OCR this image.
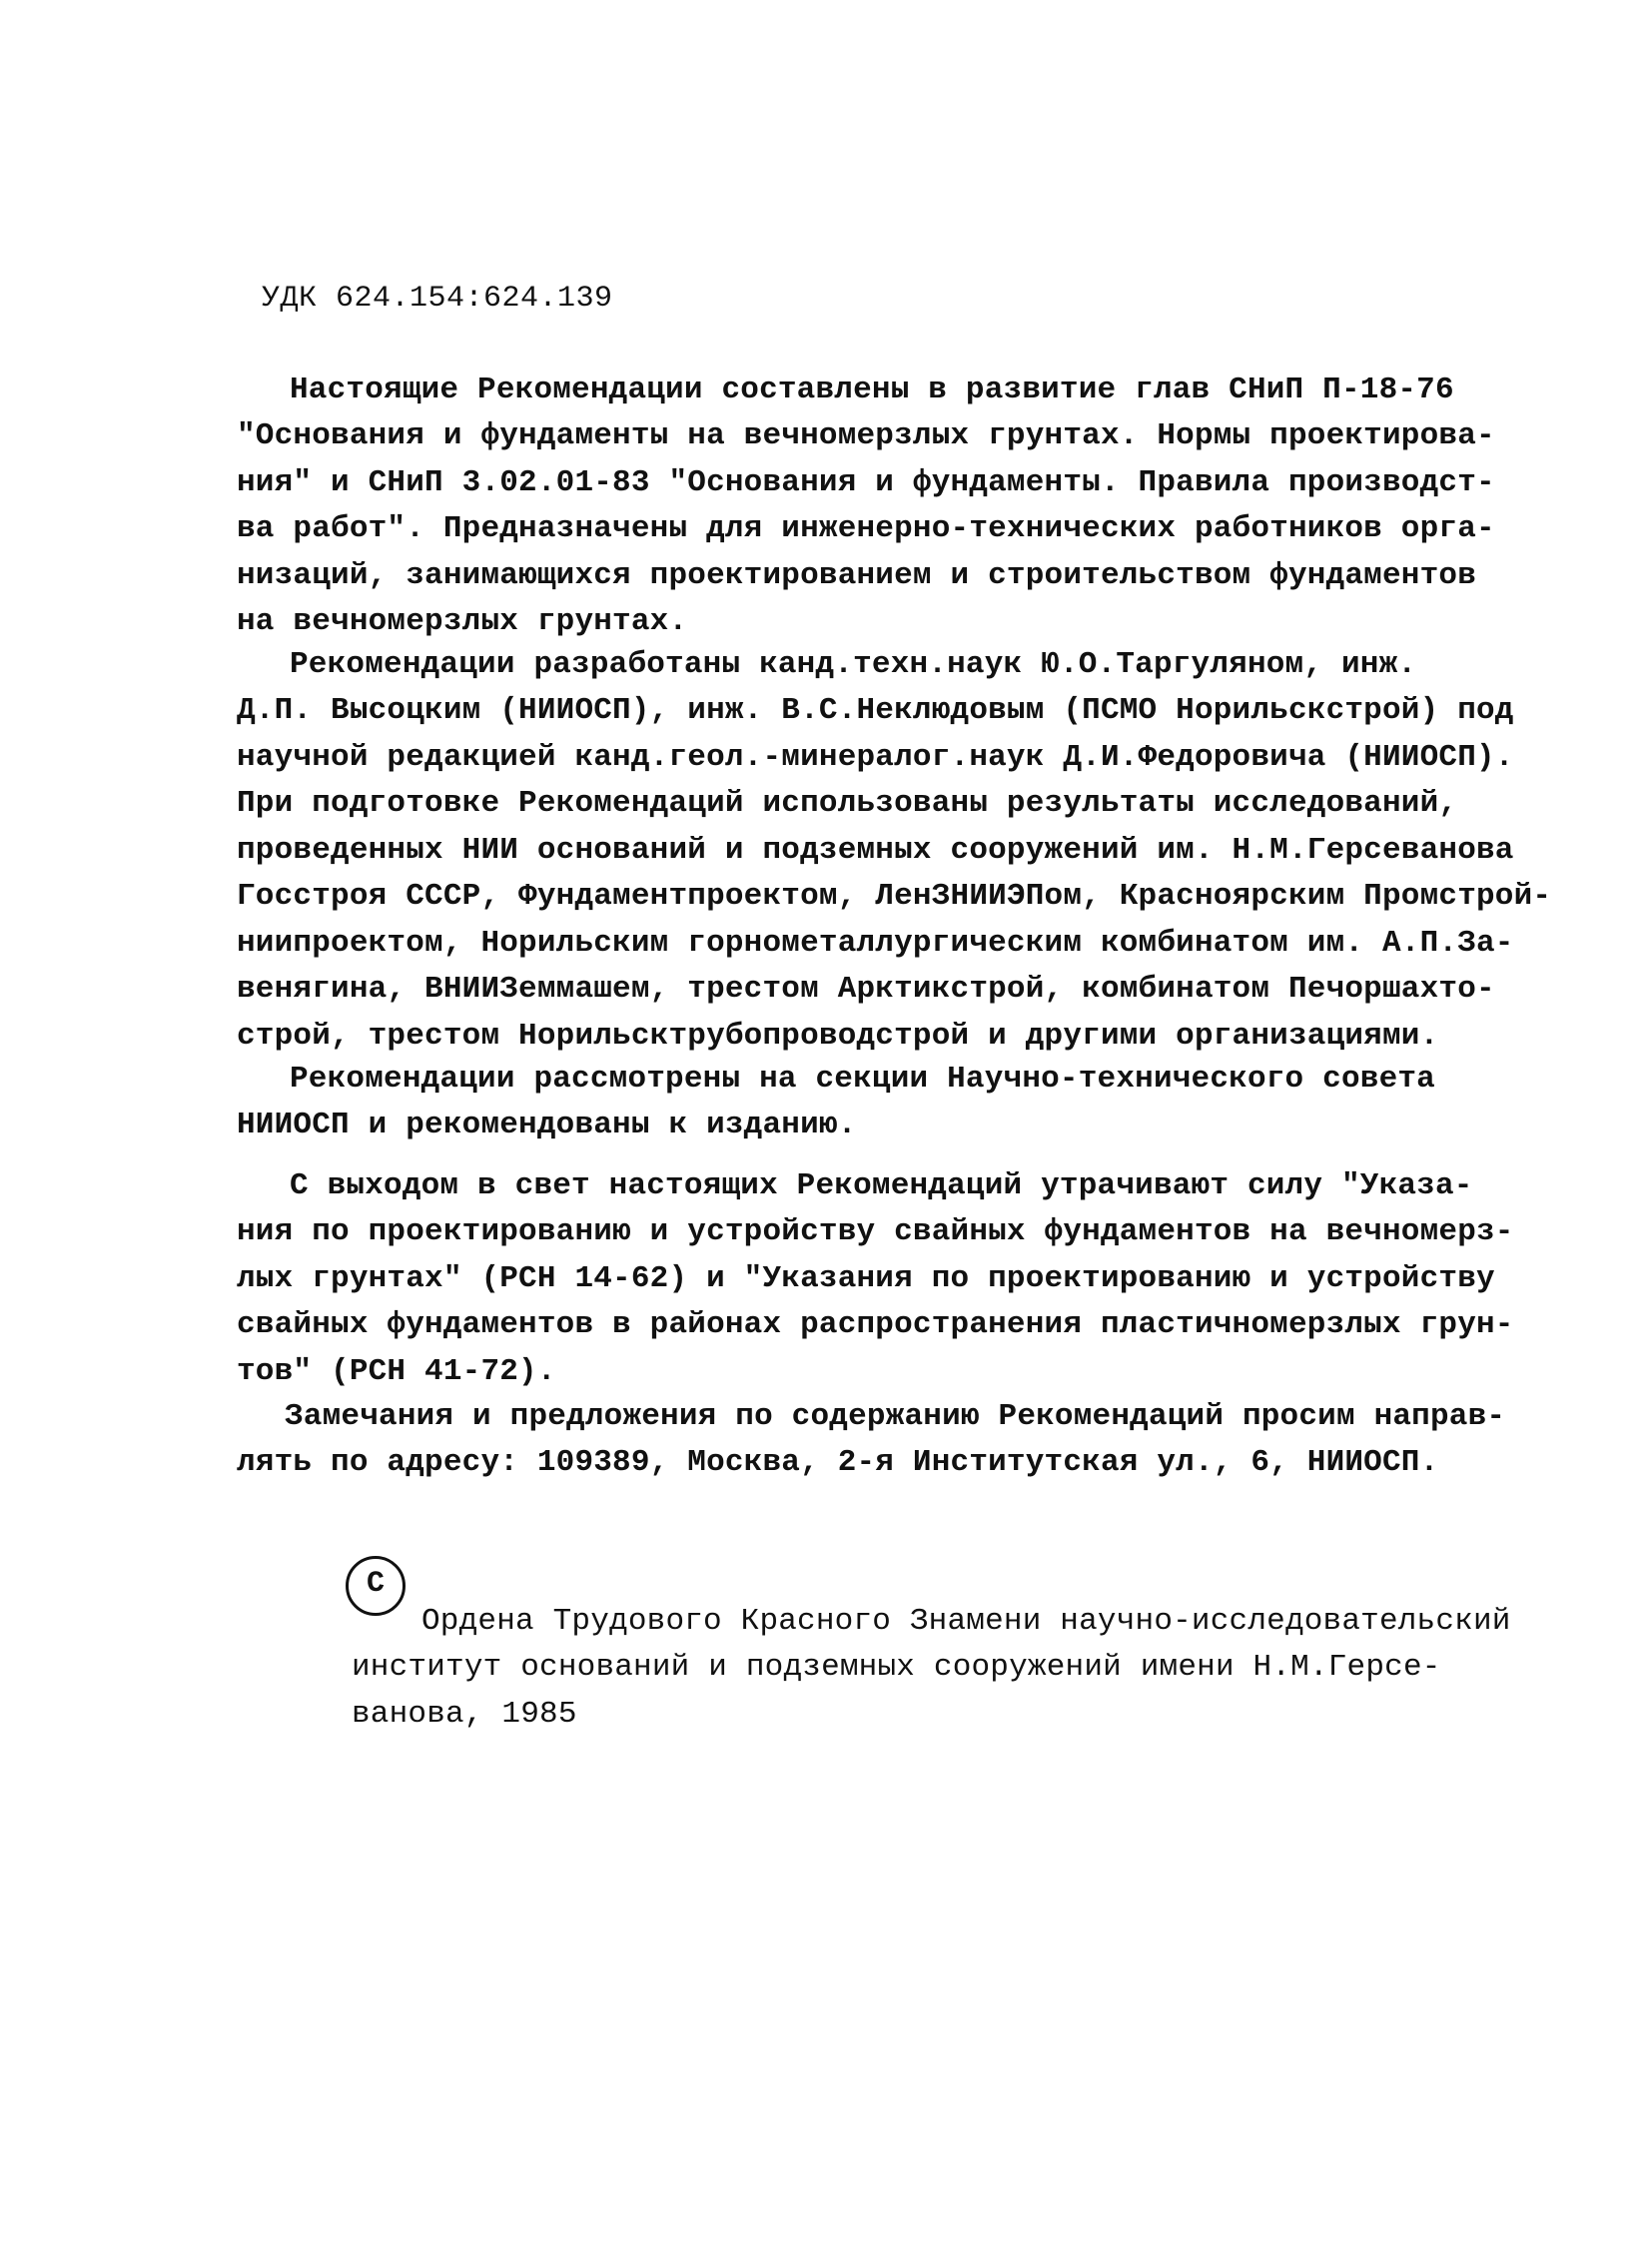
УДК 624.154:624.139
Настоящие Рекомендации составлены в развитие глав СНиП П-18-76
"Основания и фундаменты на вечномерзлых грунтах. Нормы проектирова-
ния" и СНиП 3.02.01-83 "Основания и фундаменты. Правила производст-
ва работ". Предназначены для инженерно-технических работников орга-
низаций, занимающихся проектированием и строительством фундаментов
на вечномерзлых грунтах.
Рекомендации разработаны канд.техн.наук Ю.О.Таргуляном, инж.
Д.П. Высоцким (НИИОСП), инж. В.С.Неклюдовым (ПСМО Норильскстрой) под
научной редакцией канд.геол.-минералог.наук Д.И.Федоровича (НИИОСП).
При подготовке Рекомендаций использованы результаты исследований,
проведенных НИИ оснований и подземных сооружений им. Н.М.Герсеванова
Госстроя СССР, Фундаментпроектом, ЛенЗНИИЭПом, Красноярским Промстрой-
ниипроектом, Норильским горнометаллургическим комбинатом им. А.П.За-
венягина, ВНИИЗеммашем, трестом Арктикстрой, комбинатом Печоршахто-
строй, трестом Норильсктрубопроводстрой и другими организациями.
Рекомендации рассмотрены на секции Научно-технического совета
НИИОСП и рекомендованы к изданию.
С выходом в свет настоящих Рекомендаций утрачивают силу "Указа-
ния по проектированию и устройству свайных фундаментов на вечномерз-
лых грунтах" (РСН 14-62) и "Указания по проектированию и устройству
свайных фундаментов в районах распространения пластичномерзлых грун-
тов" (РСН 41-72).
Замечания и предложения по содержанию Рекомендаций просим направ-
лять по адресу: 109389, Москва, 2-я Институтская ул., 6, НИИОСП.
С
Ордена Трудового Красного Знамени научно-исследовательский
институт оснований и подземных сооружений имени Н.М.Герсе-
ванова, 1985
